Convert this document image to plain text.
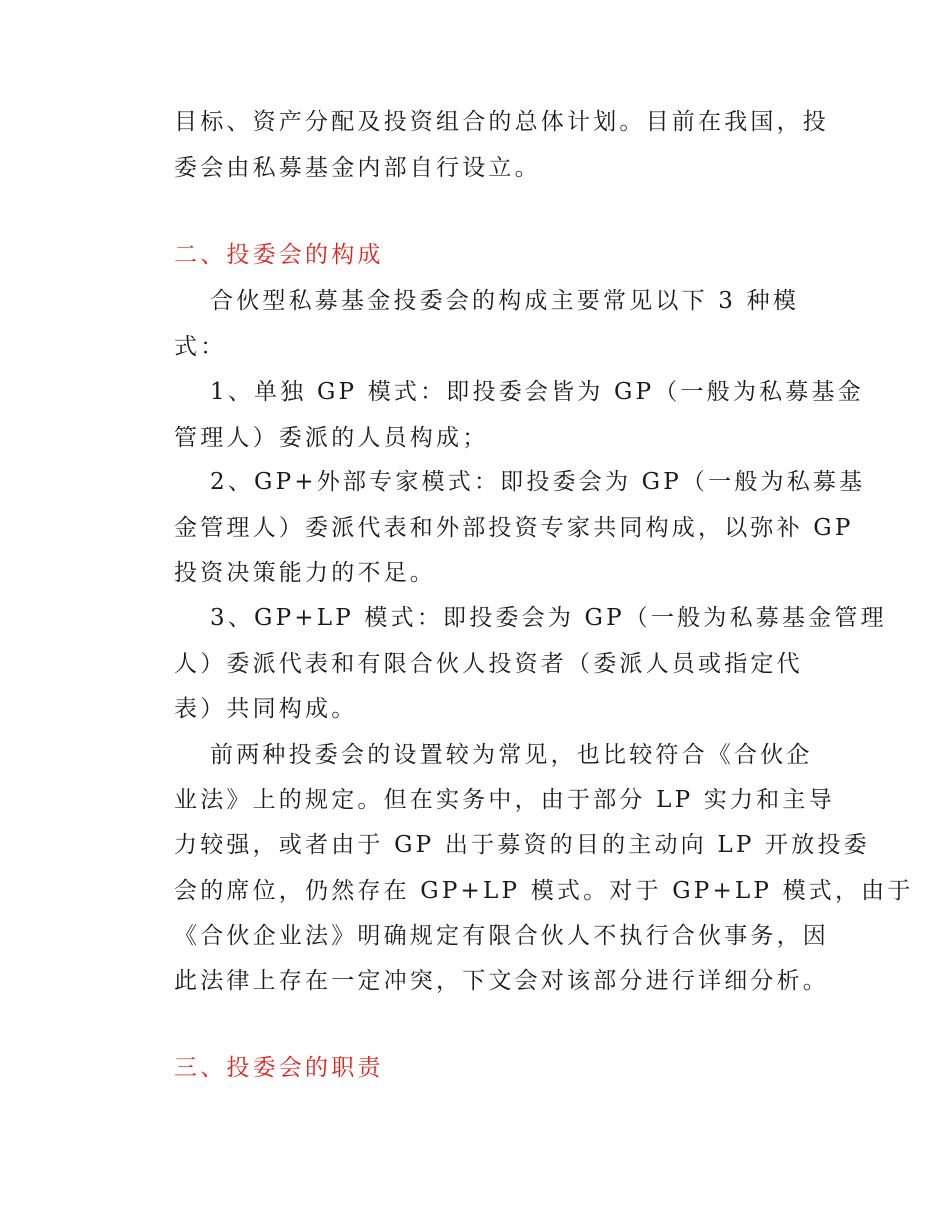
目标、资产分配及投资组合的总体计划。目前在我国，投
委会由私募基金内部自行设立。
二、投委会的构成
合伙型私募基金投委会的构成主要常见以下 3 种模
式：
1、单独 GP 模式：即投委会皆为 GP（一般为私募基金
管理人）委派的人员构成；
2、GP+外部专家模式：即投委会为 GP（一般为私募基
金管理人）委派代表和外部投资专家共同构成，以弥补 GP
投资决策能力的不足。
3、GP+LP 模式：即投委会为 GP（一般为私募基金管理
人）委派代表和有限合伙人投资者（委派人员或指定代
表）共同构成。
前两种投委会的设置较为常见，也比较符合《合伙企
业法》上的规定。但在实务中，由于部分 LP 实力和主导
力较强，或者由于 GP 出于募资的目的主动向 LP 开放投委
会的席位，仍然存在 GP+LP 模式。对于 GP+LP 模式，由于
《合伙企业法》明确规定有限合伙人不执行合伙事务，因
此法律上存在一定冲突，下文会对该部分进行详细分析。
三、投委会的职责
